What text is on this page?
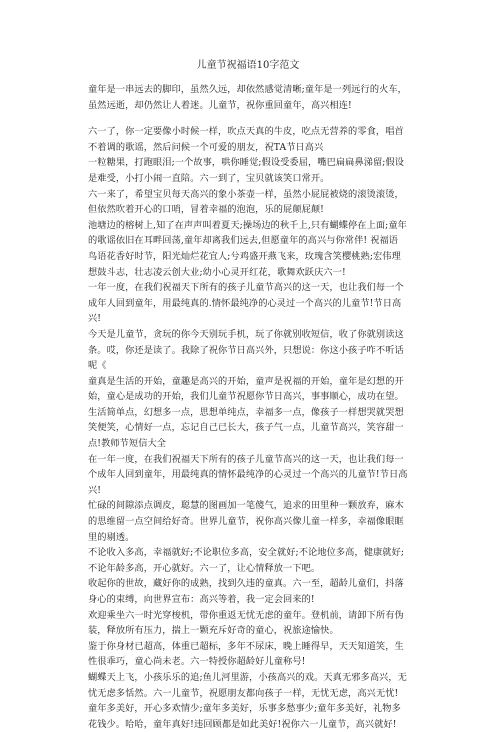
儿童节祝福语10字范文

童年是一串远去的脚印，虽然久远，却依然感觉清晰;童年是一列远行的火车，虽然远逝，却仍然让人着迷。儿童节，祝你重回童年，高兴相连!

六一了，你一定要像小时候一样，吹点天真的牛皮，吃点无营养的零食，唱首不着调的歌谣，然后问候一个可爱的朋友，祝TA节日高兴

一粒糖果，打跑眼泪;一个故事，哄你睡觉;假设受委屈，嘴巴扁扁鼻涕留;假设是难受，小打小闹一直陪。六一到了，宝贝就该笑口常开。

六一来了，希望宝贝每天高兴的象小茶壶一样，虽然小屁屁被烧的滚烫滚烫，但依然吹着开心的口哨，冒着幸福的泡泡，乐的屁颠屁颠!

池塘边的榕树上,知了在声声叫着夏天;操场边的秋千上,只有蝴蝶停在上面;童年的歌谣依旧在耳畔回荡,童年却离我们远去,但愿童年的高兴与你常伴! 祝福语

鸟语花香好时节，阳光灿烂花宜人;兮鸡盛开燕飞来，玫瑰含笑樱桃熟;宏伟理想鼓斗志，壮志凌云创大业;幼小心灵开红花，歌舞欢跃庆六一!

一年一度，在我们祝福天下所有的孩子儿童节高兴的这一天，也让我们每一个成年人回到童年，用最纯真的.情怀最纯净的心灵过一个高兴的儿童节!节日高兴!

今天是儿童节，贪玩的你今天别玩手机，玩了你就别收短信，收了你就别读这条。哎，你还是读了。我除了祝你节日高兴外，只想说：你这小孩子咋不听话呢《

童真是生活的开始，童趣是高兴的开始，童声是祝福的开始，童年是幻想的开始，童心是成功的开始，我们儿童节祝愿你节日高兴，事事顺心，成功在望。

生活简单点，幻想多一点，思想单纯点，幸福多一点，像孩子一样想哭就哭想笑便笑，心情好一点，忘记自己已长大，孩子气一点，儿童节高兴，笑容甜一点!教师节短信大全

在一年一度，在我们祝福天下所有的孩子儿童节高兴的这一天，也让我们每一个成年人回到童年，用最纯真的情怀最纯净的心灵过一个高兴的儿童节!节日高兴!

忙碌的间隙添点调皮，聪慧的图画加一笔傻气，追求的田里种一颗放弃，麻木的思维留一点空间给好奇。世界儿童节，祝你高兴像儿童一样多，幸福像眼眶里的剔透。

不论收入多高，幸福就好;不论职位多高，安全就好;不论地位多高，健康就好;不论年龄多高，开心就好。六一了，让心情释放一下吧。

收起你的世故，藏好你的成熟，找到久违的童真。六一至，超龄儿童们，抖落身心的束缚，向世界宣布：高兴等着，我一定会回来的!

欢迎乘坐六一时光穿梭机，带你重返无忧无虑的童年。登机前，请卸下所有伪装，释放所有压力，揣上一颗充斥好奇的童心，祝旅途愉快。

鉴于你身材已超高，体重已超标，多年不尿床，晚上睡得早，天天知道笑，生性很乖巧，童心尚未老。六一特授你超龄好儿童称号!

蝴蝶天上飞，小孩乐乐的追;鱼儿河里游，小孩高兴的戏。天真无邪多高兴，无忧无虑多恬然。六一儿童节，祝愿朋友都向孩子一样，无忧无虑，高兴无忧!

童年多美好，开心多欢情少;童年多美好，乐事多愁事少;童年多美好，礼物多花钱少。哈哈，童年真好!违回顾都是如此美好!祝你六一儿童节，高兴就好!
